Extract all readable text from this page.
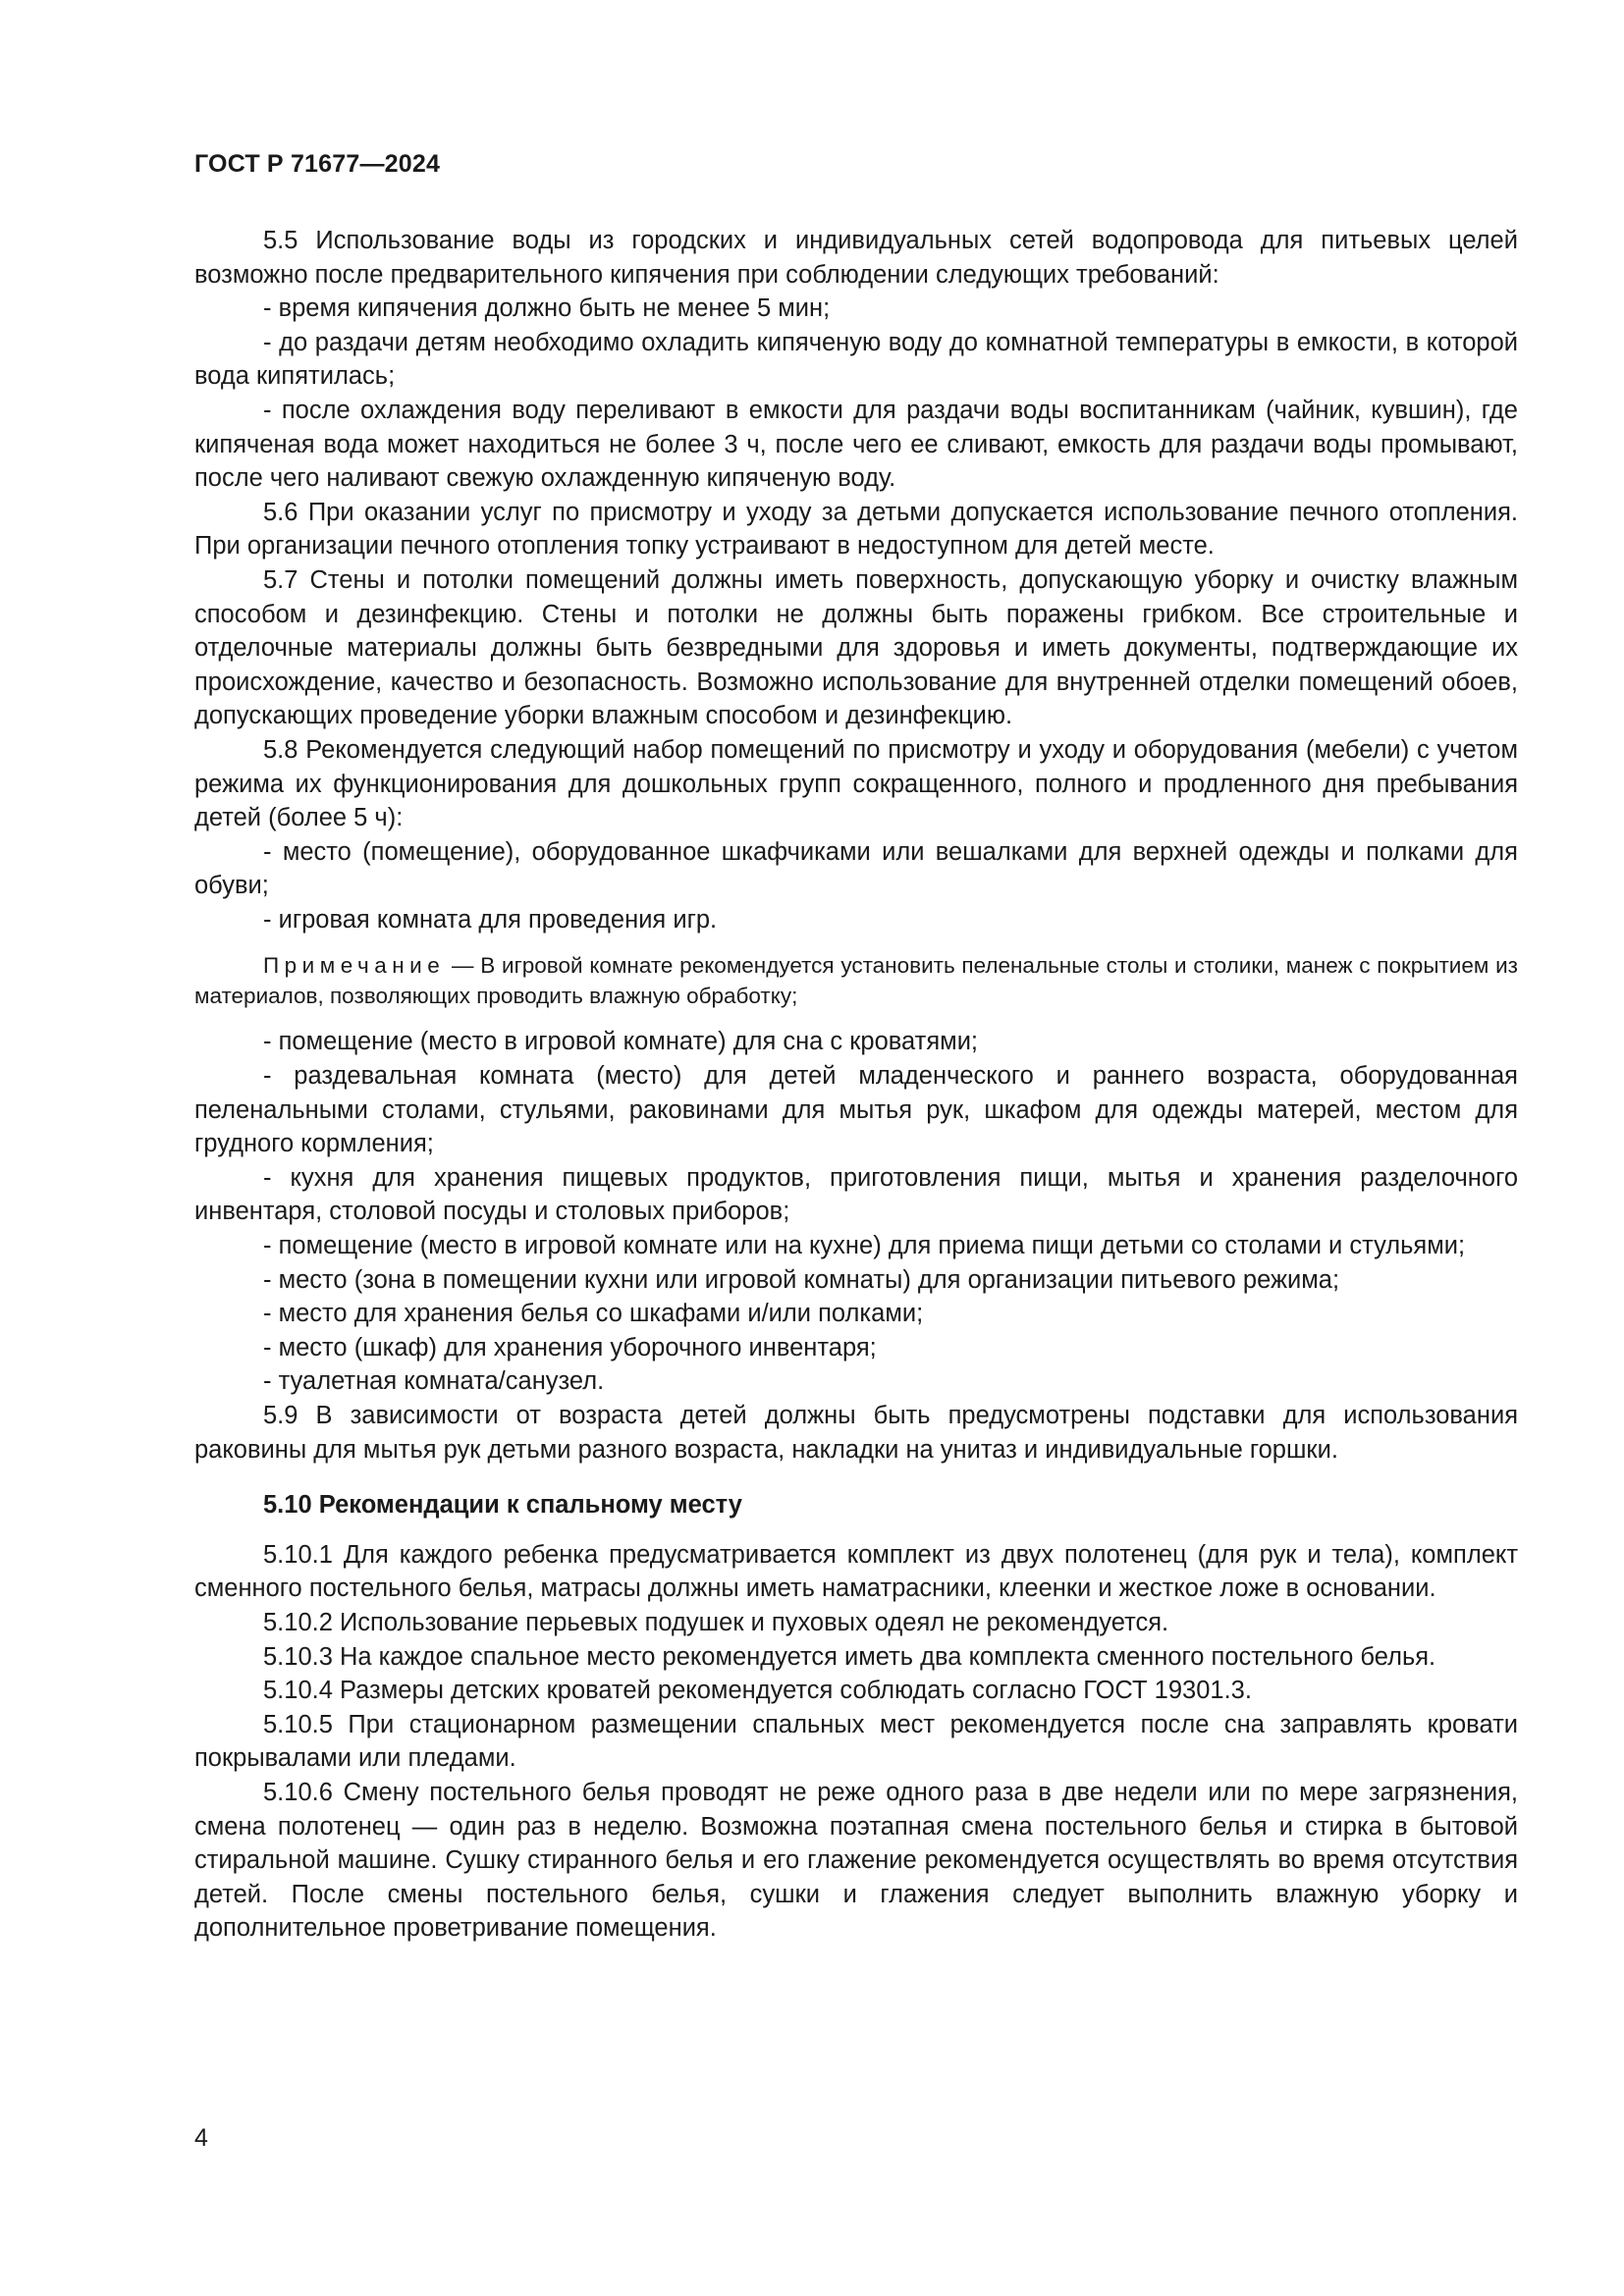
ГОСТ Р 71677—2024

5.5 Использование воды из городских и индивидуальных сетей водопровода для питьевых целей возможно после предварительного кипячения при соблюдении следующих требований:

- время кипячения должно быть не менее 5 мин;

- до раздачи детям необходимо охладить кипяченую воду до комнатной температуры в емкости, в которой вода кипятилась;

- после охлаждения воду переливают в емкости для раздачи воды воспитанникам (чайник, кувшин), где кипяченая вода может находиться не более 3 ч, после чего ее сливают, емкость для раздачи воды промывают, после чего наливают свежую охлажденную кипяченую воду.

5.6 При оказании услуг по присмотру и уходу за детьми допускается использование печного отопления. При организации печного отопления топку устраивают в недоступном для детей месте.

5.7 Стены и потолки помещений должны иметь поверхность, допускающую уборку и очистку влажным способом и дезинфекцию. Стены и потолки не должны быть поражены грибком. Все строительные и отделочные материалы должны быть безвредными для здоровья и иметь документы, подтверждающие их происхождение, качество и безопасность. Возможно использование для внутренней отделки помещений обоев, допускающих проведение уборки влажным способом и дезинфекцию.

5.8 Рекомендуется следующий набор помещений по присмотру и уходу и оборудования (мебели) с учетом режима их функционирования для дошкольных групп сокращенного, полного и продленного дня пребывания детей (более 5 ч):

- место (помещение), оборудованное шкафчиками или вешалками для верхней одежды и полками для обуви;

- игровая комната для проведения игр.

Примечание — В игровой комнате рекомендуется установить пеленальные столы и столики, манеж с покрытием из материалов, позволяющих проводить влажную обработку;

- помещение (место в игровой комнате) для сна с кроватями;

- раздевальная комната (место) для детей младенческого и раннего возраста, оборудованная пеленальными столами, стульями, раковинами для мытья рук, шкафом для одежды матерей, местом для грудного кормления;

- кухня для хранения пищевых продуктов, приготовления пищи, мытья и хранения разделочного инвентаря, столовой посуды и столовых приборов;

- помещение (место в игровой комнате или на кухне) для приема пищи детьми со столами и стульями;

- место (зона в помещении кухни или игровой комнаты) для организации питьевого режима;

- место для хранения белья со шкафами и/или полками;

- место (шкаф) для хранения уборочного инвентаря;

- туалетная комната/санузел.

5.9 В зависимости от возраста детей должны быть предусмотрены подставки для использования раковины для мытья рук детьми разного возраста, накладки на унитаз и индивидуальные горшки.

5.10 Рекомендации к спальному месту

5.10.1 Для каждого ребенка предусматривается комплект из двух полотенец (для рук и тела), комплект сменного постельного белья, матрасы должны иметь наматрасники, клеенки и жесткое ложе в основании.

5.10.2 Использование перьевых подушек и пуховых одеял не рекомендуется.

5.10.3 На каждое спальное место рекомендуется иметь два комплекта сменного постельного белья.

5.10.4 Размеры детских кроватей рекомендуется соблюдать согласно ГОСТ 19301.3.

5.10.5 При стационарном размещении спальных мест рекомендуется после сна заправлять кровати покрывалами или пледами.

5.10.6 Смену постельного белья проводят не реже одного раза в две недели или по мере загрязнения, смена полотенец — один раз в неделю. Возможна поэтапная смена постельного белья и стирка в бытовой стиральной машине. Сушку стиранного белья и его глажение рекомендуется осуществлять во время отсутствия детей. После смены постельного белья, сушки и глажения следует выполнить влажную уборку и дополнительное проветривание помещения.

4
